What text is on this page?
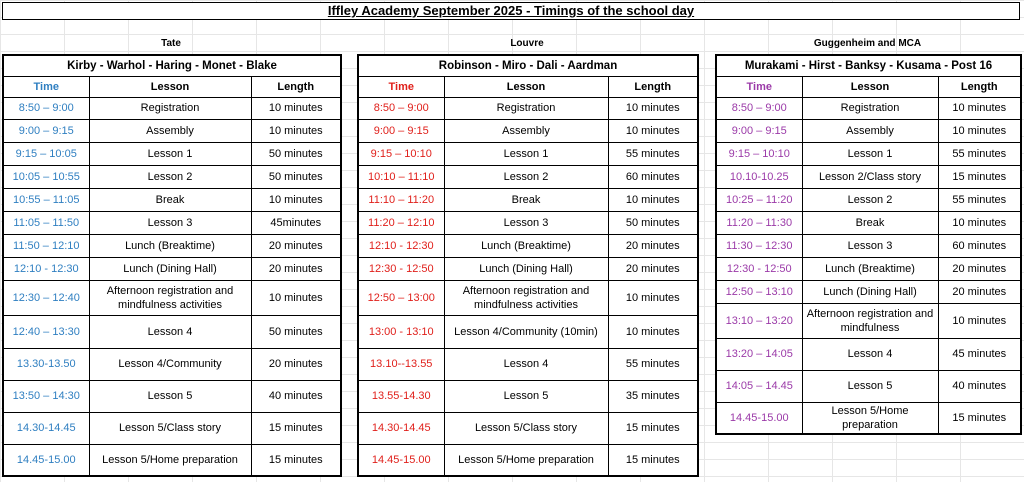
Iffley Academy September 2025 - Timings of the school day
Tate
Kirby - Warhol - Haring - Monet - Blake		
Time	Lesson	Length
8:50 – 9:00	Registration	10 minutes
9:00 – 9:15	Assembly	10 minutes
9:15 – 10:05	Lesson 1	50 minutes
10:05 – 10:55	Lesson 2	50 minutes
10:55 – 11:05	Break	10 minutes
11:05 – 11:50	Lesson 3	45minutes
11:50 – 12:10	Lunch (Breaktime)	20 minutes
12:10 - 12:30	Lunch (Dining Hall)	20 minutes
12:30 – 12:40	Afternoon registration and mindfulness activities	10 minutes
12:40 – 13:30	Lesson 4	50 minutes
13.30-13.50	Lesson 4/Community	20 minutes
13:50 – 14:30	Lesson 5	40 minutes
14.30-14.45	Lesson 5/Class story	15 minutes
14.45-15.00	Lesson 5/Home preparation	15 minutes
Louvre
Robinson - Miro - Dali - Aardman		
Time	Lesson	Length
8:50 – 9:00	Registration	10 minutes
9:00 – 9:15	Assembly	10 minutes
9:15 – 10:10	Lesson 1	55 minutes
10:10 – 11:10	Lesson 2	60 minutes
11:10 – 11:20	Break	10 minutes
11:20 – 12:10	Lesson 3	50 minutes
12:10 - 12:30	Lunch (Breaktime)	20 minutes
12:30 - 12:50	Lunch (Dining Hall)	20 minutes
12:50 – 13:00	Afternoon registration and mindfulness activities	10 minutes
13:00 - 13:10	Lesson 4/Community (10min)	10 minutes
13.10--13.55	Lesson 4	55 minutes
13.55-14.30	Lesson 5	35 minutes
14.30-14.45	Lesson 5/Class story	15 minutes
14.45-15.00	Lesson 5/Home preparation	15 minutes
Guggenheim and MCA
Murakami - Hirst - Banksy - Kusama - Post 16		
Time	Lesson	Length
8:50 – 9:00	Registration	10 minutes
9:00 – 9:15	Assembly	10 minutes
9:15 – 10:10	Lesson 1	55 minutes
10.10-10.25	Lesson 2/Class story	15 minutes
10:25 – 11:20	Lesson 2	55 minutes
11:20 – 11:30	Break	10 minutes
11:30 – 12:30	Lesson 3	60 minutes
12:30 - 12:50	Lunch (Breaktime)	20 minutes
12:50 – 13:10	Lunch (Dining Hall)	20 minutes
13:10 – 13:20	Afternoon registration and mindfulness	10 minutes
13:20 – 14:05	Lesson 4	45 minutes
14:05 – 14.45	Lesson 5	40 minutes
14.45-15.00	Lesson 5/Home preparation	15 minutes
